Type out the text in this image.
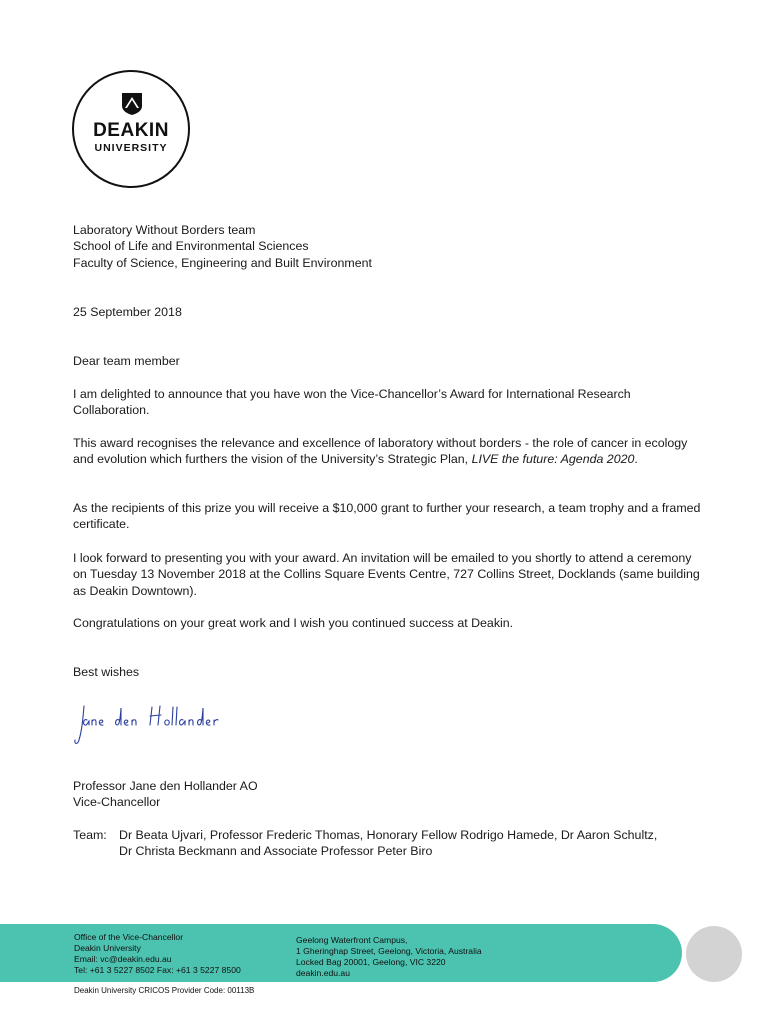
DEAKIN
UNIVERSITY

Laboratory Without Borders team

School of Life and Environmental Sciences

Faculty of Science, Engineering and Built Environment

25 September 2018
Dear team member
I am delighted to announce that you have won the Vice-Chancellor’s Award for International Research Collaboration.
This award recognises the relevance and excellence of laboratory without borders - the role of cancer in ecology and evolution which furthers the vision of the University’s Strategic Plan, LIVE the future: Agenda 2020.
As the recipients of this prize you will receive a $10,000 grant to further your research, a team trophy and a framed certificate.
I look forward to presenting you with your award. An invitation will be emailed to you shortly to attend a ceremony on Tuesday 13 November 2018 at the Collins Square Events Centre, 727 Collins Street, Docklands (same building as Deakin Downtown).
Congratulations on your great work and I wish you continued success at Deakin.
Best wishes
Jane den Hollander

Professor Jane den Hollander AO

Vice-Chancellor

Team: Dr Beata Ujvari, Professor Frederic Thomas, Honorary Fellow Rodrigo Hamede, Dr Aaron Schultz,
Dr Christa Beckmann and Associate Professor Peter Biro
Office of the Vice-Chancellor
Deakin University
Email: vc@deakin.edu.au
Tel: +61 3 5227 8502 Fax: +61 3 5227 8500
Geelong Waterfront Campus,
1 Gheringhap Street, Geelong, Victoria, Australia
Locked Bag 20001, Geelong, VIC 3220
deakin.edu.au
Deakin University CRICOS Provider Code: 00113B
